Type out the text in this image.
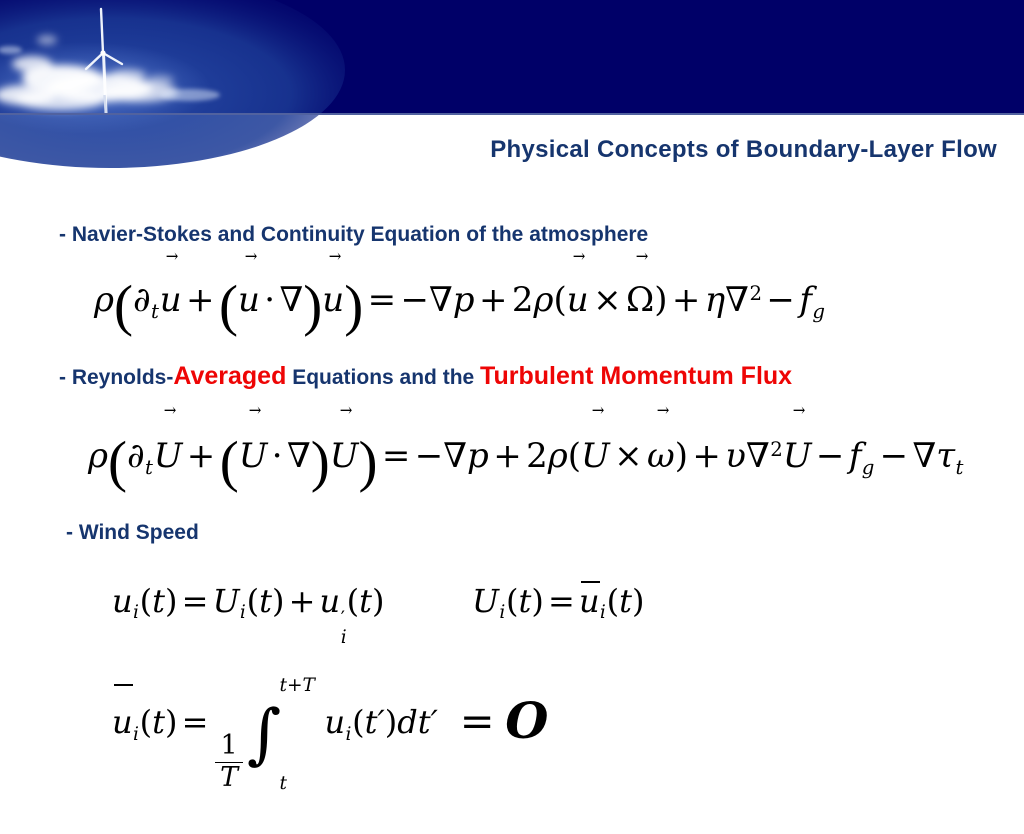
Physical Concepts of Boundary-Layer Flow
- Navier-Stokes and Continuity Equation of the atmosphere
$\rho(\partial_t$
→
u +(
→
u · ∇)
→
u) = −∇p + 2ρ(
→
u ×
→
$\Omega) + \eta\nabla^2 - f_g$
- Reynolds-Averaged Equations and the Turbulent Momentum Flux
$\rho(\partial_t$
→
U +(
→
U · ∇)
→
U) = −∇p + 2ρ(
→
U ×
→
ω) + υ∇$^2$
→
$U - f_g - \nabla\tau_t$
- Wind Speed
$u_i(t) = U_i(t) + u$ ′
i
(t)	$U_i(t) = u$
$_i$(t)
u
$_i$(t) =
$\frac{1}{T}$ ∫
t+T
t
$u_i(t')dt' = O$
